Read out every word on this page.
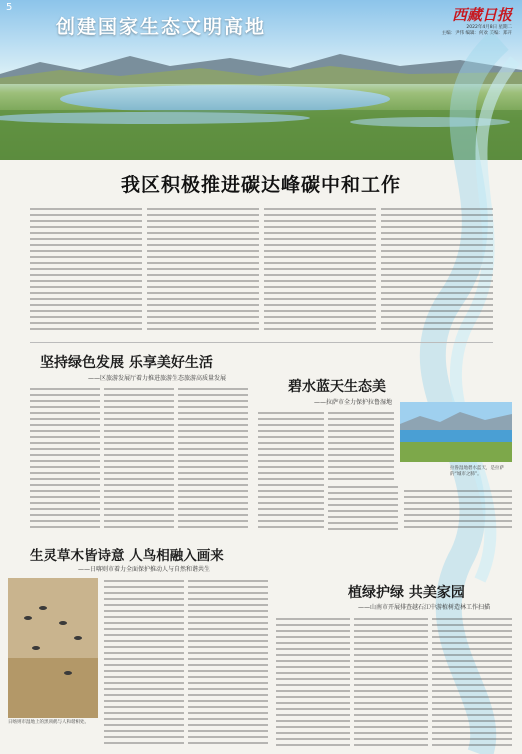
5
创建国家生态文明高地
西藏日报
2022年4月8日 星期二
主编：尹伟 编辑：何欢 美编：郑开
我区积极推进碳达峰碳中和工作
坚持绿色发展 乐享美好生活
——区旅游发展厅着力推进旅游生态旅游高质量发展
碧水蓝天生态美
——拉萨市全力保护拉鲁湿地
拉鲁湿地碧水蓝天，是拉萨的“城市之肺”。
生灵草木皆诗意 人鸟相融入画来
——日喀则市着力全面保护推动人与自然和谐共生
日喀则市湿地上的黑颈鹤与人和谐相处。
植绿护绿 共美家园
——山南市开展排查越石江中游植树造林工作扫描
